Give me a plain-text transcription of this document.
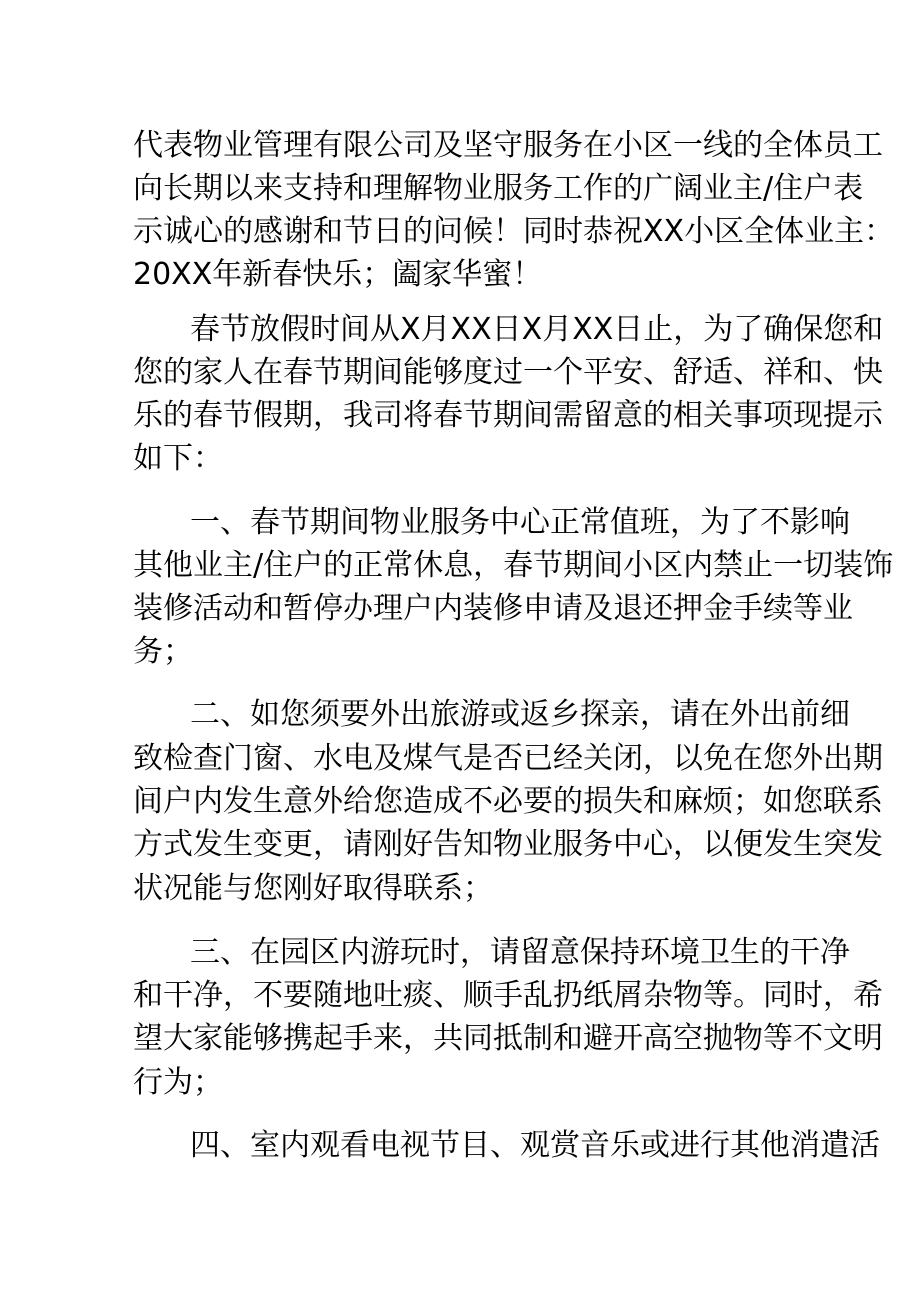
代表物业管理有限公司及坚守服务在小区一线的全体员工
向长期以来支持和理解物业服务工作的广阔业主/住户表
示诚心的感谢和节日的问候！同时恭祝XX小区全体业主：
20XX年新春快乐；阖家华蜜！
春节放假时间从X月XX日X月XX日止，为了确保您和
您的家人在春节期间能够度过一个平安、舒适、祥和、快
乐的春节假期，我司将春节期间需留意的相关事项现提示
如下：
一、春节期间物业服务中心正常值班，为了不影响
其他业主/住户的正常休息，春节期间小区内禁止一切装饰
装修活动和暂停办理户内装修申请及退还押金手续等业
务；
二、如您须要外出旅游或返乡探亲，请在外出前细
致检查门窗、水电及煤气是否已经关闭，以免在您外出期
间户内发生意外给您造成不必要的损失和麻烦；如您联系
方式发生变更，请刚好告知物业服务中心，以便发生突发
状况能与您刚好取得联系；
三、在园区内游玩时，请留意保持环境卫生的干净
和干净，不要随地吐痰、顺手乱扔纸屑杂物等。同时，希
望大家能够携起手来，共同抵制和避开高空抛物等不文明
行为；
四、室内观看电视节目、观赏音乐或进行其他消遣活
